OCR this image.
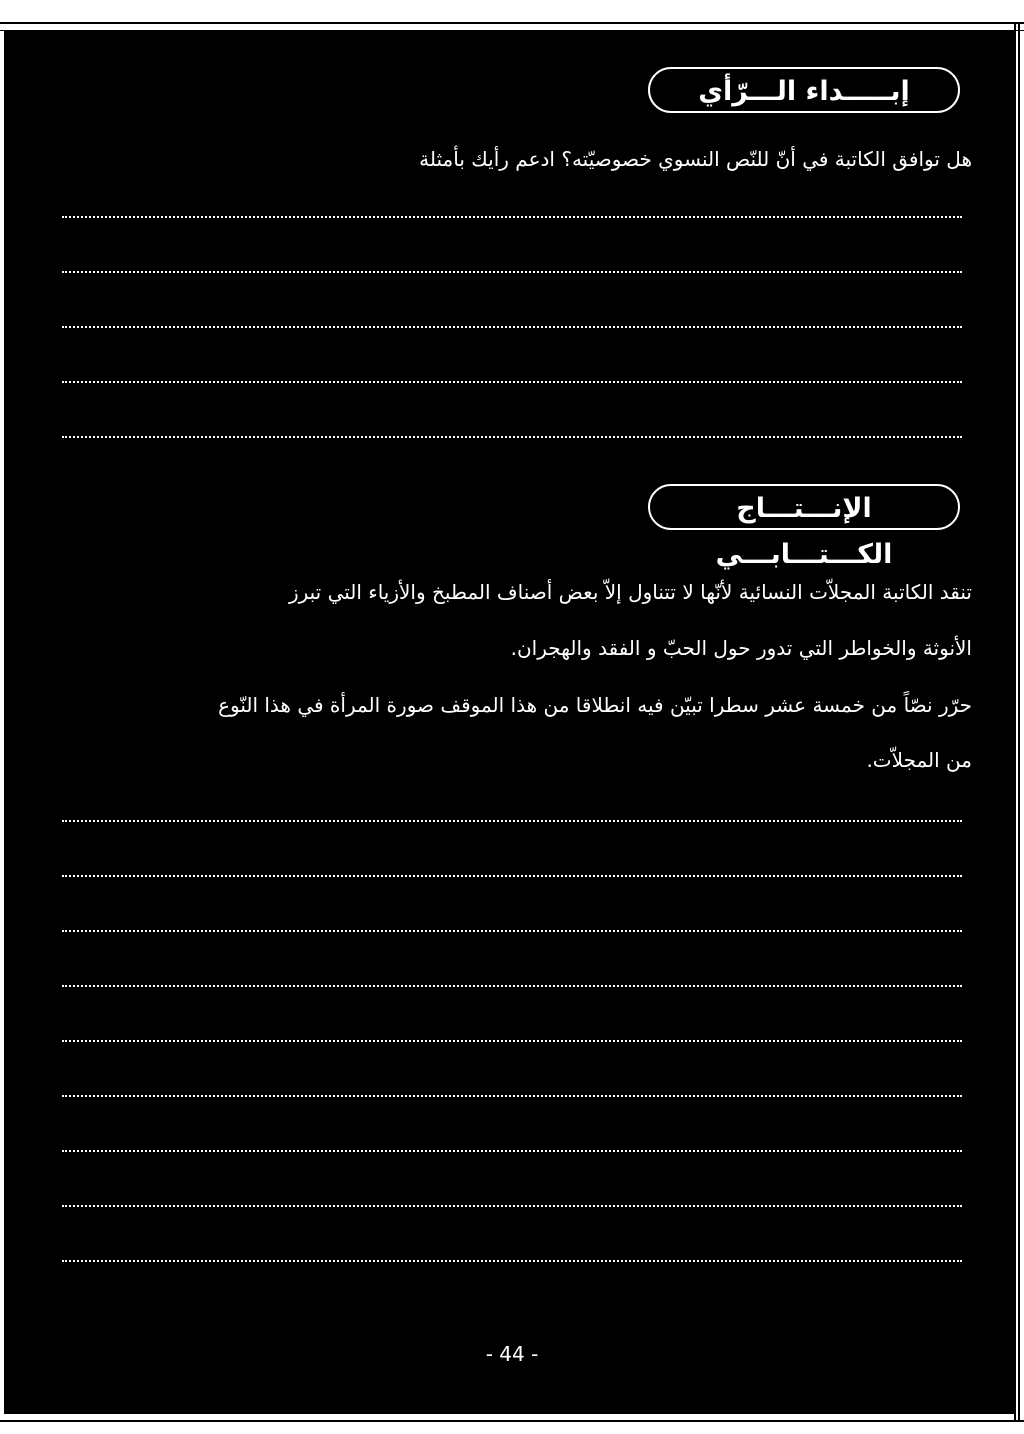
إبـــــداء الـــرّأي
هل توافق الكاتبة في أنّ للنّص النسوي خصوصيّته؟ ادعم رأيك بأمثلة
الإنـــتـــاج الكـــتـــابـــي
تنقد الكاتبة المجلاّت النسائية لأنّها لا تتناول إلاّ بعض أصناف المطبخ والأزياء التي تبرز
الأنوثة والخواطر التي تدور حول الحبّ و الفقد والهجران.
حرّر نصّاً من خمسة عشر سطرا تبيّن فيه انطلاقا من هذا الموقف صورة المرأة في هذا النّوع
من المجلاّت.
- 44 -
